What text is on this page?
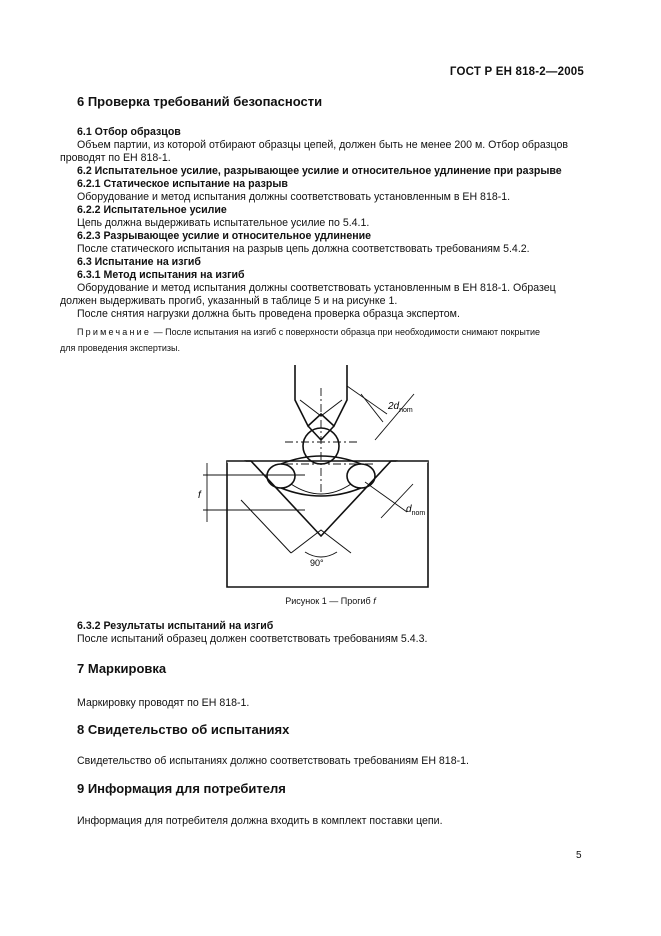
ГОСТ Р ЕН 818-2—2005
6 Проверка требований безопасности

6.1 Отбор образцов

Объем партии, из которой отбирают образцы цепей, должен быть не менее 200 м. Отбор образцов

проводят по ЕН 818-1.

6.2 Испытательное усилие, разрывающее усилие и относительное удлинение при разрыве

6.2.1 Статическое испытание на разрыв

Оборудование и метод испытания должны соответствовать установленным в ЕН 818-1.

6.2.2 Испытательное усилие

Цепь должна выдерживать испытательное усилие по 5.4.1.

6.2.3 Разрывающее усилие и относительное удлинение

После статического испытания на разрыв цепь должна соответствовать требованиям 5.4.2.

6.3 Испытание на изгиб

6.3.1 Метод испытания на изгиб

Оборудование и метод испытания должны соответствовать установленным в ЕН 818-1. Образец

должен выдерживать прогиб, указанный в таблице 5 и на рисунке 1.

После снятия нагрузки должна быть проведена проверка образца экспертом.

Примечание — После испытания на изгиб с поверхности образца при необходимости снимают покрытие
для проведения экспертизы.
$2d_{nom}$
$d_{nom}$
f
90°
Рисунок 1 — Прогиб f

6.3.2 Результаты испытаний на изгиб

После испытаний образец должен соответствовать требованиям 5.4.3.

7 Маркировка
Маркировку проводят по ЕН 818-1.
8 Свидетельство об испытаниях
Свидетельство об испытаниях должно соответствовать требованиям ЕН 818-1.
9 Информация для потребителя
Информация для потребителя должна входить в комплект поставки цепи.
5
